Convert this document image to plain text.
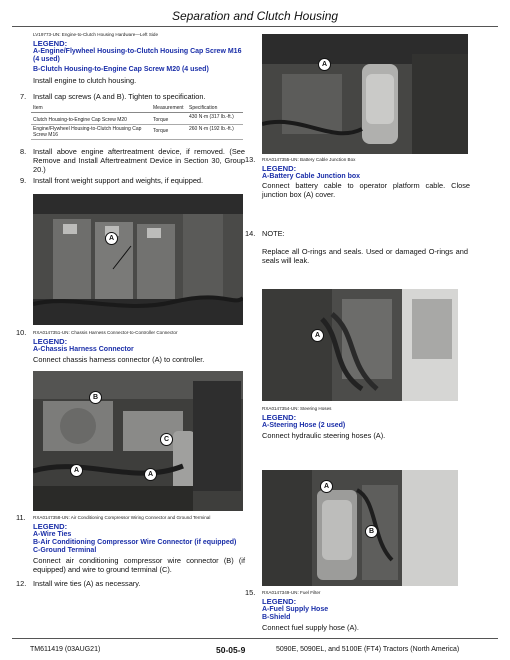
Separation and Clutch Housing
LV19773-UN: Engine-to-Clutch Housing Hardware—Left Side
LEGEND:
A-Engine/Flywheel Housing-to-Clutch Housing Cap Screw M16 (4 used)
B-Clutch Housing-to-Engine Cap Screw M20 (4 used)
Install engine to clutch housing.
7. Install cap screws (A and B). Tighten to specification.
Item	Measurement	Specification
Clutch Housing-to-Engine Cap Screw M20	Torque	430 N·m (317 lb.-ft.)
Engine/Flywheel Housing-to-Clutch Housing Cap Screw M16	Torque	260 N·m (192 lb.-ft.)
8. Install above engine aftertreatment device, if removed. (See Remove and Install Aftertreatment Device in Section 30, Group 20.)
9. Install front weight support and weights, if equipped.
A
10. RXA0147351-UN: Chassis Harness Connector-to-Controller Connector
LEGEND:
A-Chassis Harness Connector
Connect chassis harness connector (A) to controller.
B
C
A
A
11. RXA0147358-UN: Air Conditioning Compressor Wiring Connector and Ground Terminal
LEGEND:
A-Wire Ties
B-Air Conditioning Compressor Wire Connector (if equipped)
C-Ground Terminal
Connect air conditioning compressor wire connector (B) (if equipped) and wire to ground terminal (C).
12. Install wire ties (A) as necessary.
A
13. RXA0147355-UN: Battery Cable Junction Box
LEGEND:
A-Battery Cable Junction box
Connect battery cable to operator platform cable. Close junction box (A) cover.
14. NOTE:
Replace all O-rings and seals. Used or damaged O-rings and seals will leak.
A
RXA0147354-UN: Steering Hoses
LEGEND:
A-Steering Hose (2 used)
Connect hydraulic steering hoses (A).
A
B
15. RXA0147349-UN: Fuel Filter
LEGEND:
A-Fuel Supply Hose
B-Shield
Connect fuel supply hose (A).
TM611419 (03AUG21)	50-05-9	5090E, 5090EL, and 5100E (FT4) Tractors (North America)
